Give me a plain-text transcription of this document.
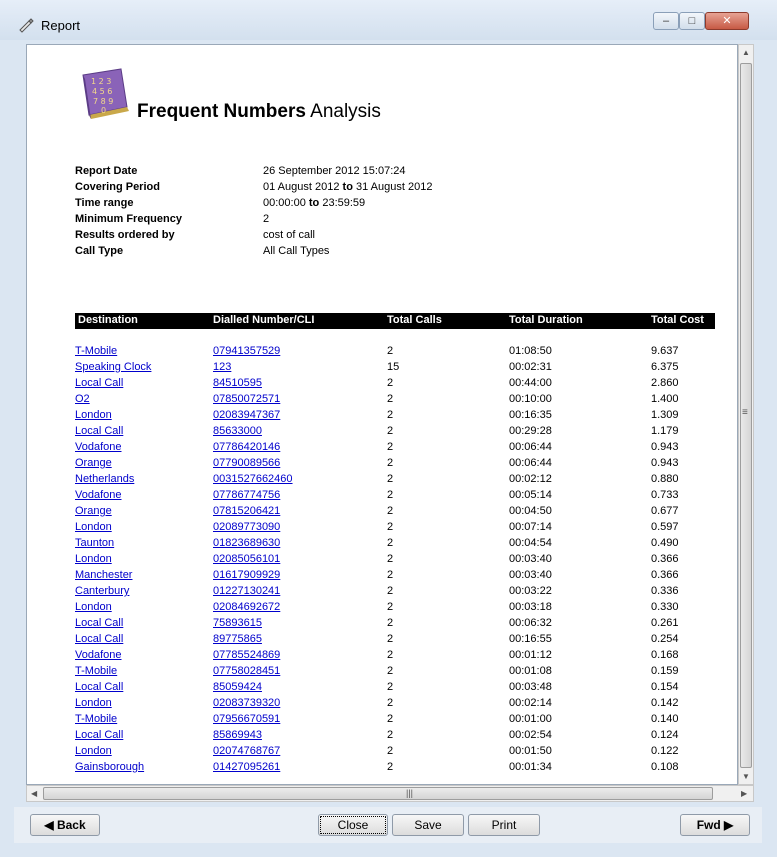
Report	–	□	✕
1 2 3
4 5 6
7 8 9
0 Frequent Numbers Analysis
Report Date	26 September 2012 15:07:24
Covering Period	01 August 2012 to 31 August 2012
Time range	00:00:00 to 23:59:59
Minimum Frequency	2
Results ordered by	cost of call
Call Type	All Call Types
Destination	Dialled Number/CLI	Total Calls	Total Duration	Total Cost
T-Mobile	07941357529	2	01:08:50	9.637
Speaking Clock	123	15	00:02:31	6.375
Local Call	84510595	2	00:44:00	2.860
O2	07850072571	2	00:10:00	1.400
London	02083947367	2	00:16:35	1.309
Local Call	85633000	2	00:29:28	1.179
Vodafone	07786420146	2	00:06:44	0.943
Orange	07790089566	2	00:06:44	0.943
Netherlands	0031527662460	2	00:02:12	0.880
Vodafone	07786774756	2	00:05:14	0.733
Orange	07815206421	2	00:04:50	0.677
London	02089773090	2	00:07:14	0.597
Taunton	01823689630	2	00:04:54	0.490
London	02085056101	2	00:03:40	0.366
Manchester	01617909929	2	00:03:40	0.366
Canterbury	01227130241	2	00:03:22	0.336
London	02084692672	2	00:03:18	0.330
Local Call	75893615	2	00:06:32	0.261
Local Call	89775865	2	00:16:55	0.254
Vodafone	07785524869	2	00:01:12	0.168
T-Mobile	07758028451	2	00:01:08	0.159
Local Call	85059424	2	00:03:48	0.154
London	02083739320	2	00:02:14	0.142
T-Mobile	07956670591	2	00:01:00	0.140
Local Call	85869943	2	00:02:54	0.124
London	02074768767	2	00:01:50	0.122
Gainsborough	01427095261	2	00:01:34	0.108
▲
≡
▼
◀	|||	▶
◀ Back	Close	Save	Print	Fwd ▶
